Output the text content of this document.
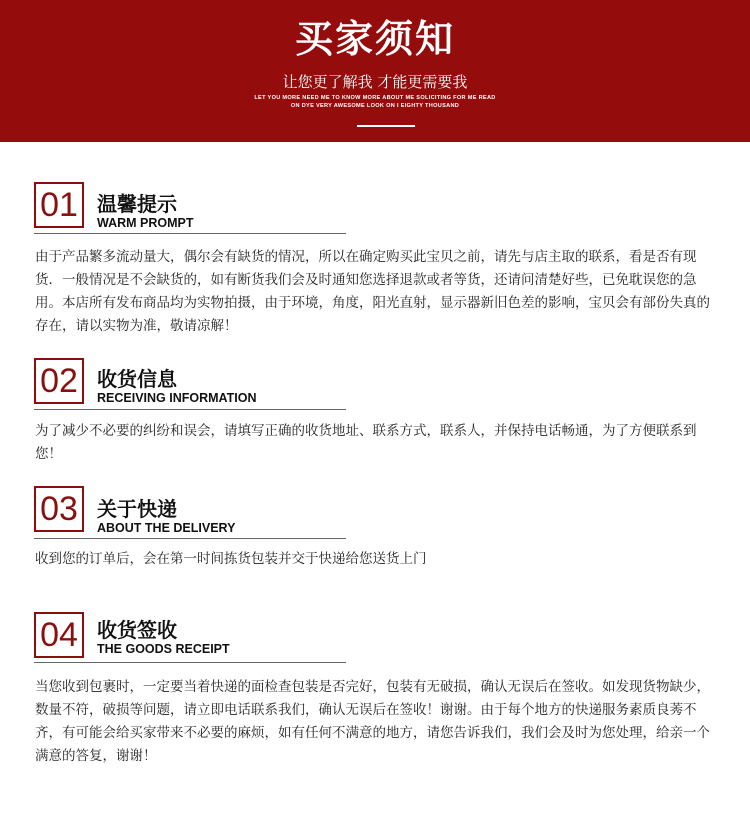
买家须知
让您更了解我 才能更需要我
LET YOU MORE NEED ME TO KNOW MORE ABOUT ME SOLICITING FOR ME READ
ON DYE VERY AWESOME LOOK ON I EIGHTY THOUSAND
01 温馨提示
WARM PROMPT
由于产品繁多流动量大，偶尔会有缺货的情况，所以在确定购买此宝贝之前，请先与店主取的联系，看是否有现货．一般情况是不会缺货的，如有断货我们会及时通知您选择退款或者等货，还请问清楚好些，已免耽误您的急用。本店所有发布商品均为实物拍摄，由于环境，角度，阳光直射，显示器新旧色差的影响，宝贝会有部份失真的存在，请以实物为准，敬请凉解！
02 收货信息
RECEIVING INFORMATION
为了减少不必要的纠纷和误会，请填写正确的收货地址、联系方式，联系人，并保持电话畅通，为了方便联系到您！
03 关于快递
ABOUT THE DELIVERY
收到您的订单后，会在第一时间拣货包装并交于快递给您送货上门
04 收货签收
THE GOODS RECEIPT
当您收到包裹时，一定要当着快递的面检查包装是否完好，包装有无破损，确认无误后在签收。如发现货物缺少，数量不符，破损等问题，请立即电话联系我们，确认无误后在签收！谢谢。由于每个地方的快递服务素质良莠不齐，有可能会给买家带来不必要的麻烦，如有任何不满意的地方，请您告诉我们，我们会及时为您处理，给亲一个满意的答复，谢谢！
